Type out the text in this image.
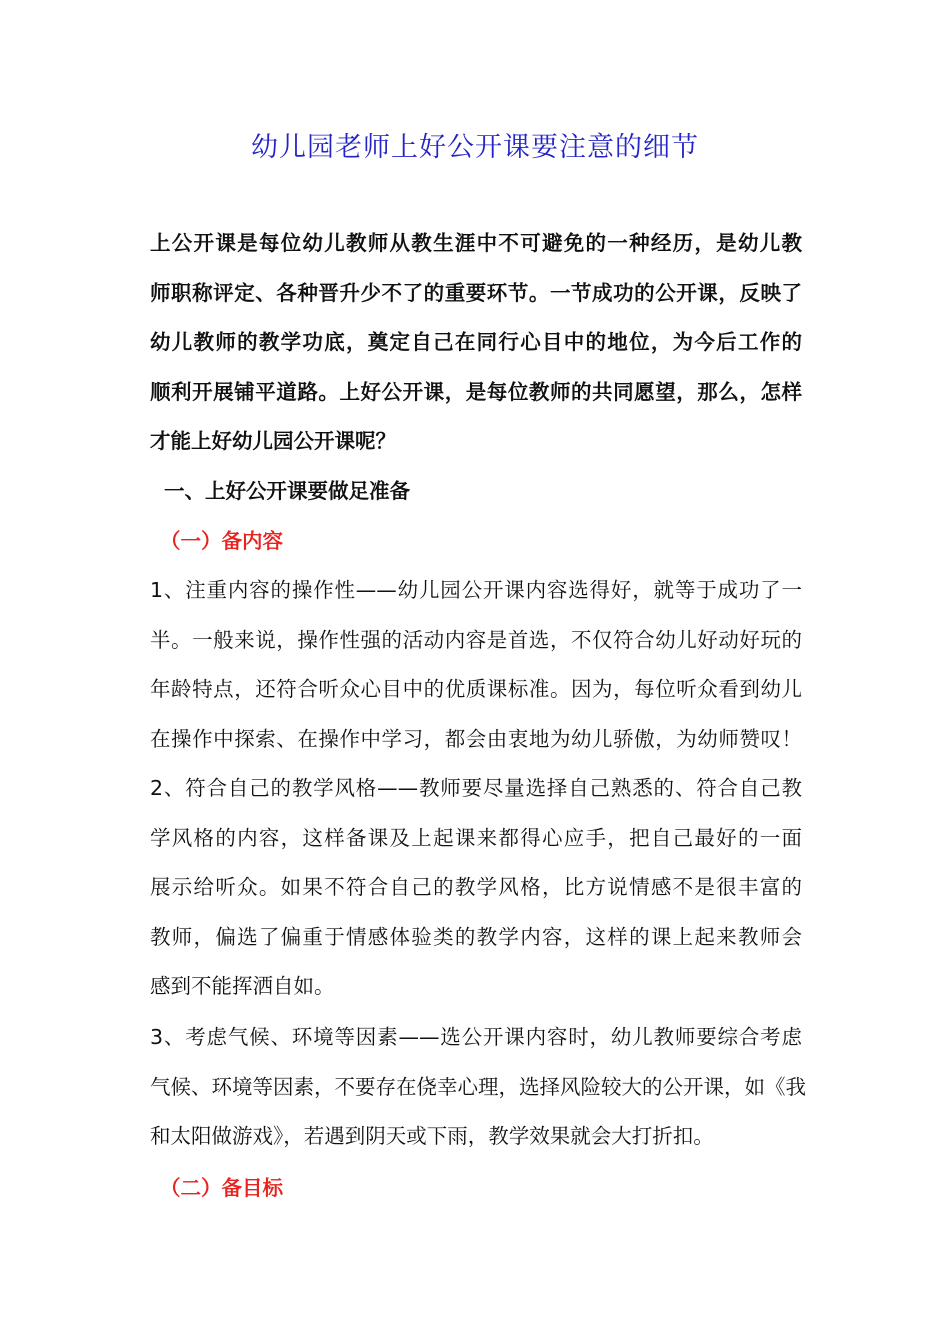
幼儿园老师上好公开课要注意的细节
上公开课是每位幼儿教师从教生涯中不可避免的一种经历，是幼儿教
师职称评定、各种晋升少不了的重要环节。一节成功的公开课，反映了
幼儿教师的教学功底，奠定自己在同行心目中的地位，为今后工作的
顺利开展铺平道路。上好公开课，是每位教师的共同愿望，那么，怎样
才能上好幼儿园公开课呢？
一、上好公开课要做足准备
（一）备内容
1、注重内容的操作性——幼儿园公开课内容选得好，就等于成功了一
半。一般来说，操作性强的活动内容是首选，不仅符合幼儿好动好玩的
年龄特点，还符合听众心目中的优质课标准。因为，每位听众看到幼儿
在操作中探索、在操作中学习，都会由衷地为幼儿骄傲，为幼师赞叹！
2、符合自己的教学风格——教师要尽量选择自己熟悉的、符合自己教
学风格的内容，这样备课及上起课来都得心应手，把自己最好的一面
展示给听众。如果不符合自己的教学风格，比方说情感不是很丰富的
教师，偏选了偏重于情感体验类的教学内容，这样的课上起来教师会
感到不能挥洒自如。
3、考虑气候、环境等因素——选公开课内容时，幼儿教师要综合考虑
气候、环境等因素，不要存在侥幸心理，选择风险较大的公开课，如《我
和太阳做游戏》，若遇到阴天或下雨，教学效果就会大打折扣。
（二）备目标
